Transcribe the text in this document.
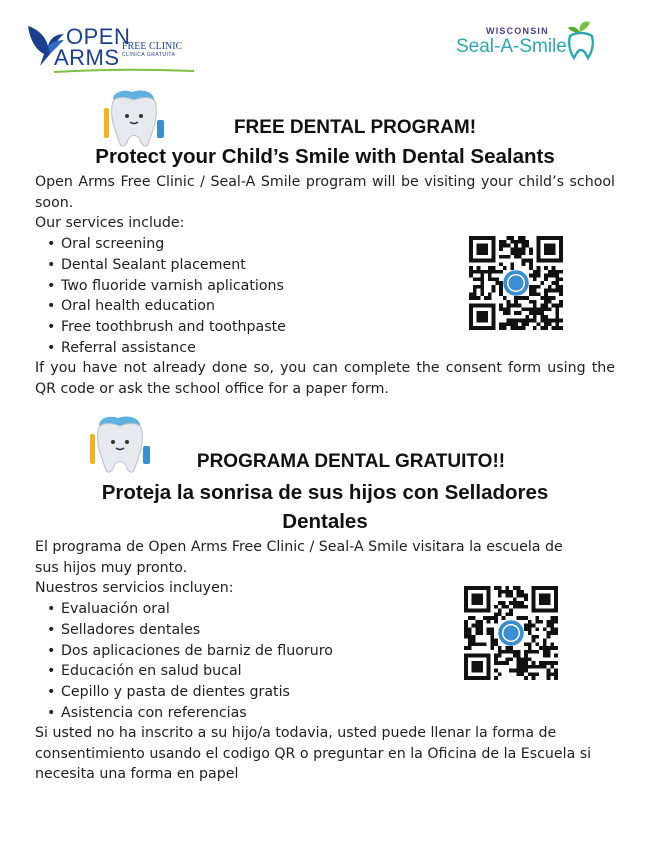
OPEN
ARMS FREE CLINIC
CLÍNICA GRATUITA
WISCONSIN
Seal-A-Smile
FREE DENTAL PROGRAM!
Protect your Child’s Smile with Dental Sealants

Open Arms Free Clinic / Seal-A Smile program will be visiting your child’s school soon.

Our services include:

• Oral screening
• Dental Sealant placement
• Two fluoride varnish aplications
• Oral health education
• Free toothbrush and toothpaste
• Referral assistance

If you have not already done so, you can complete the consent form using the QR code or ask the school office for a paper form.

PROGRAMA DENTAL GRATUITO!!
Proteja la sonrisa de sus hijos con Selladores
Dentales

El programa de Open Arms Free Clinic / Seal-A Smile visitara la escuela de sus hijos muy pronto.

Nuestros servicios incluyen:

• Evaluación oral
• Selladores dentales
• Dos aplicaciones de barniz de fluoruro
• Educación en salud bucal
• Cepillo y pasta de dientes gratis
• Asistencia con referencias

Si usted no ha inscrito a su hijo/a todavia, usted puede llenar la forma de consentimiento usando el codigo QR o preguntar en la Oficina de la Escuela si necesita una forma en papel
